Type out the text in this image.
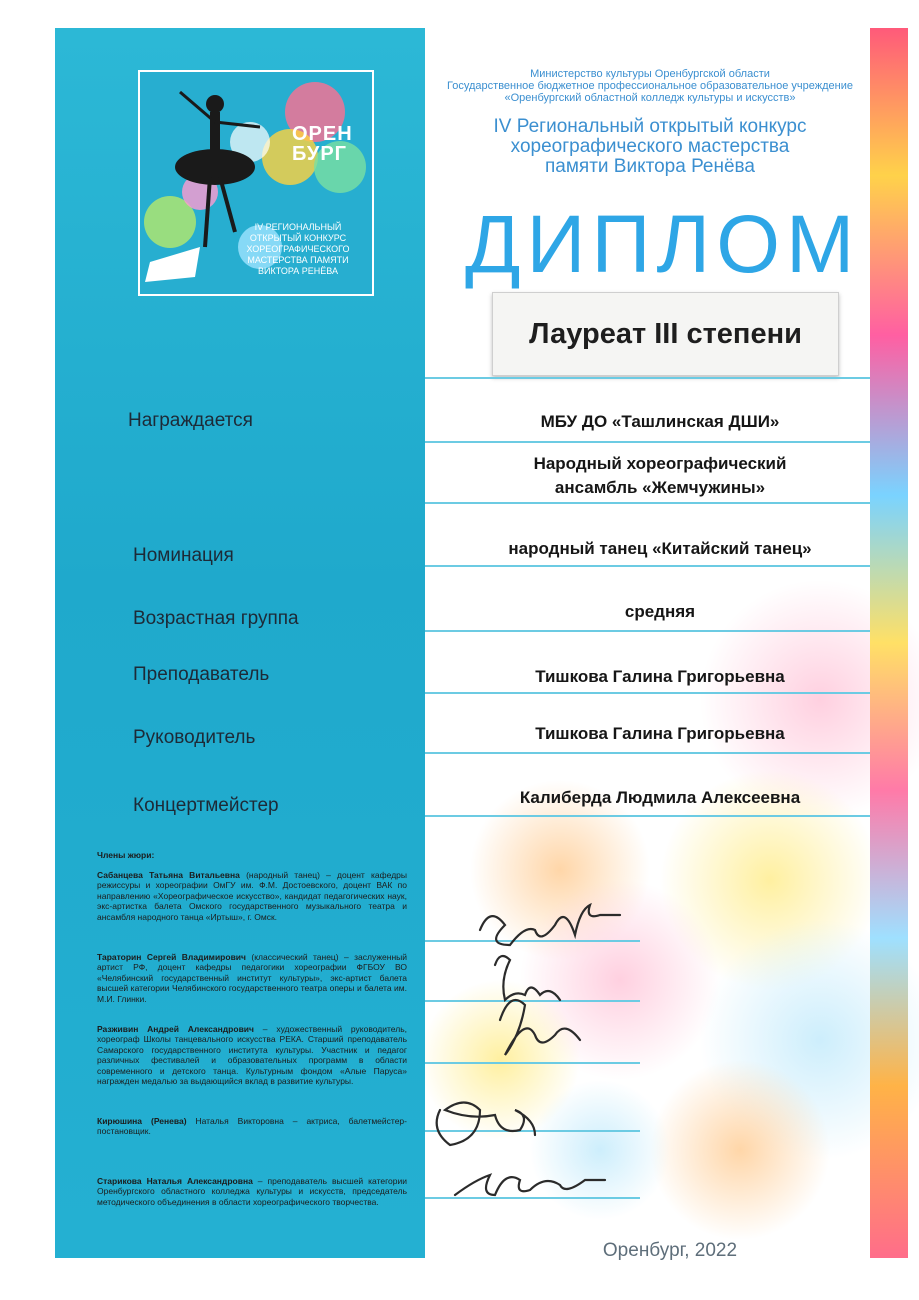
ОРЕН БУРГ
IV РЕГИОНАЛЬНЫЙ ОТКРЫТЫЙ КОНКУРС ХОРЕОГРАФИЧЕСКОГО МАСТЕРСТВА ПАМЯТИ ВИКТОРА РЕНЁВА
Министерство культуры Оренбургской области
Государственное бюджетное профессиональное образовательное учреждение
«Оренбургский областной колледж культуры и искусств»
IV Региональный открытый конкурс
хореографического мастерства
памяти Виктора Ренёва
ДИПЛОМ
Лауреат III степени
Награждается
Номинация
Возрастная группа
Преподаватель
Руководитель
Концертмейстер
МБУ ДО «Ташлинская ДШИ»
Народный хореографический
ансамбль «Жемчужины»
народный танец «Китайский танец»
средняя
Тишкова Галина Григорьевна
Тишкова Галина Григорьевна
Калиберда Людмила Алексеевна
Члены жюри:
Сабанцева Татьяна Витальевна (народный танец) – доцент кафедры режиссуры и хореографии ОмГУ им. Ф.М. Достоевского, доцент ВАК по направлению «Хореографическое искусство», кандидат педагогических наук, экс-артистка балета Омского государственного музыкального театра и ансамбля народного танца «Иртыш», г. Омск.
Тараторин Сергей Владимирович (классический танец) – заслуженный артист РФ, доцент кафедры педагогики хореографии ФГБОУ ВО «Челябинский государственный институт культуры», экс-артист балета высшей категории Челябинского государственного театра оперы и балета им. М.И. Глинки.
Разживин Андрей Александрович – художественный руководитель, хореограф Школы танцевального искусства РЕКА. Старший преподаватель Самарского государственного института культуры. Участник и педагог различных фестивалей и образовательных программ в области современного и детского танца. Культурным фондом «Алые Паруса» награжден медалью за выдающийся вклад в развитие культуры.
Кирюшина (Ренева) Наталья Викторовна – актриса, балетмейстер-постановщик.
Старикова Наталья Александровна – преподаватель высшей категории Оренбургского областного колледжа культуры и искусств, председатель методического объединения в области хореографического творчества.
Оренбург, 2022
